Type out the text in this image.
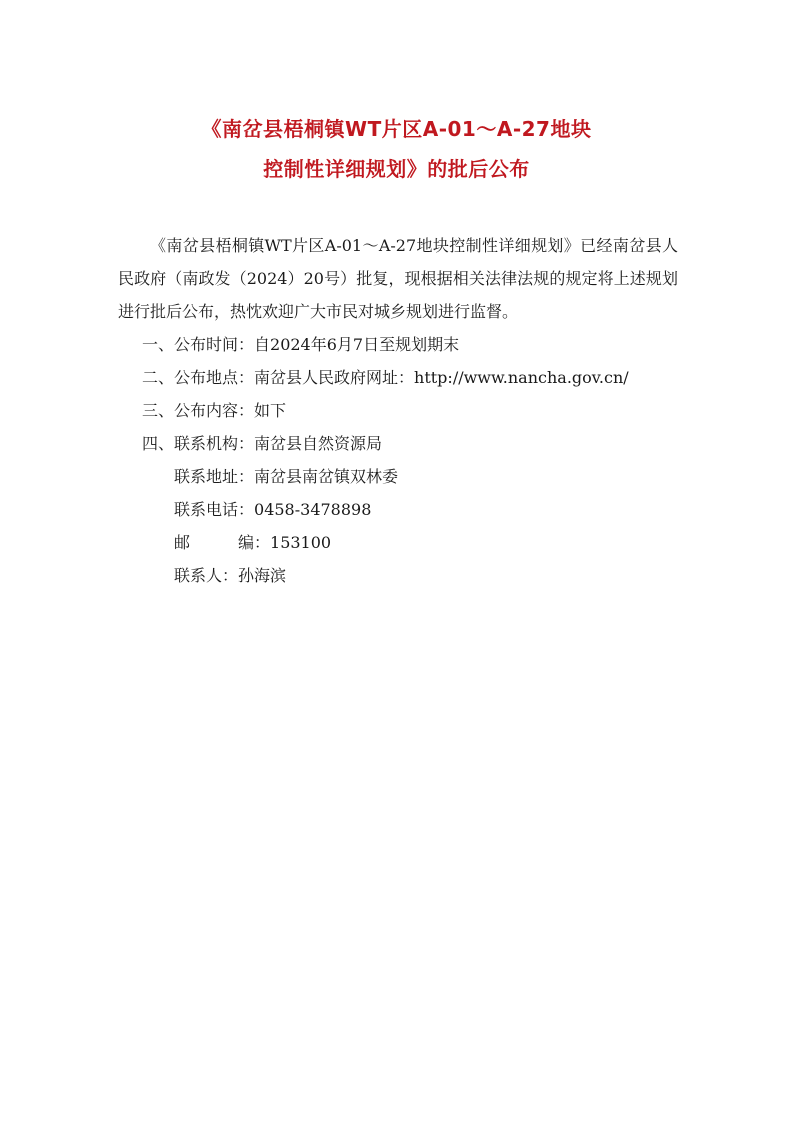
《南岔县梧桐镇WT片区A-01～A-27地块
控制性详细规划》的批后公布

《南岔县梧桐镇WT片区A-01～A-27地块控制性详细规划》已经南岔县人民政府（南政发（2024）20号）批复，现根据相关法律法规的规定将上述规划进行批后公布，热忱欢迎广大市民对城乡规划进行监督。

一、公布时间：自2024年6月7日至规划期末

二、公布地点：南岔县人民政府网址：http://www.nancha.gov.cn/

三、公布内容：如下

四、联系机构：南岔县自然资源局

联系地址：南岔县南岔镇双林委

联系电话：0458-3478898

邮	编：153100

联系人：孙海滨
